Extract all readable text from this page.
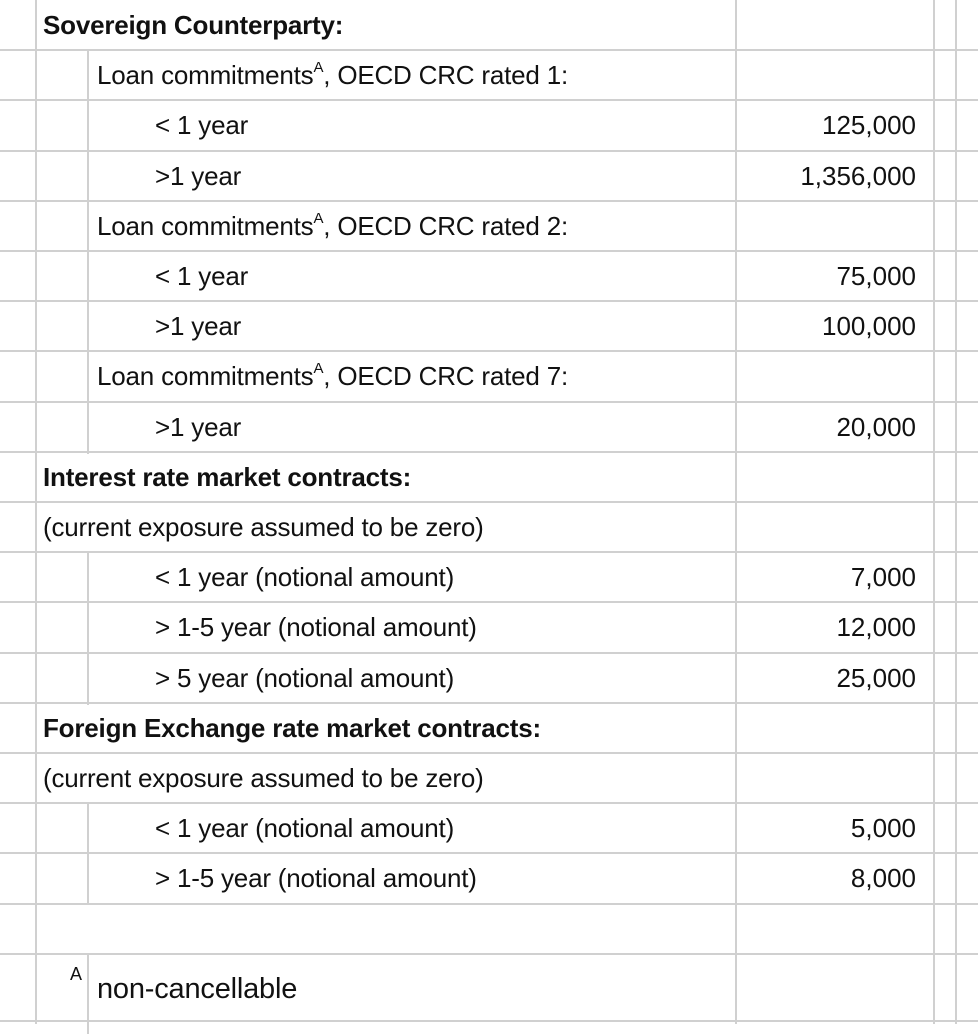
Sovereign Counterparty:
Loan commitments$^A$, OECD CRC rated 1:
< 1 year	125,000
>1 year	1,356,000
Loan commitments$^A$, OECD CRC rated 2:
< 1 year	75,000
>1 year	100,000
Loan commitments$^A$, OECD CRC rated 7:
>1 year	20,000
Interest rate market contracts:
(current exposure assumed to be zero)
< 1 year (notional amount)	7,000
> 1-5 year (notional amount)	12,000
> 5 year (notional amount)	25,000
Foreign Exchange rate market contracts:
(current exposure assumed to be zero)
< 1 year (notional amount)	5,000
> 1-5 year (notional amount)	8,000
A non-cancellable
